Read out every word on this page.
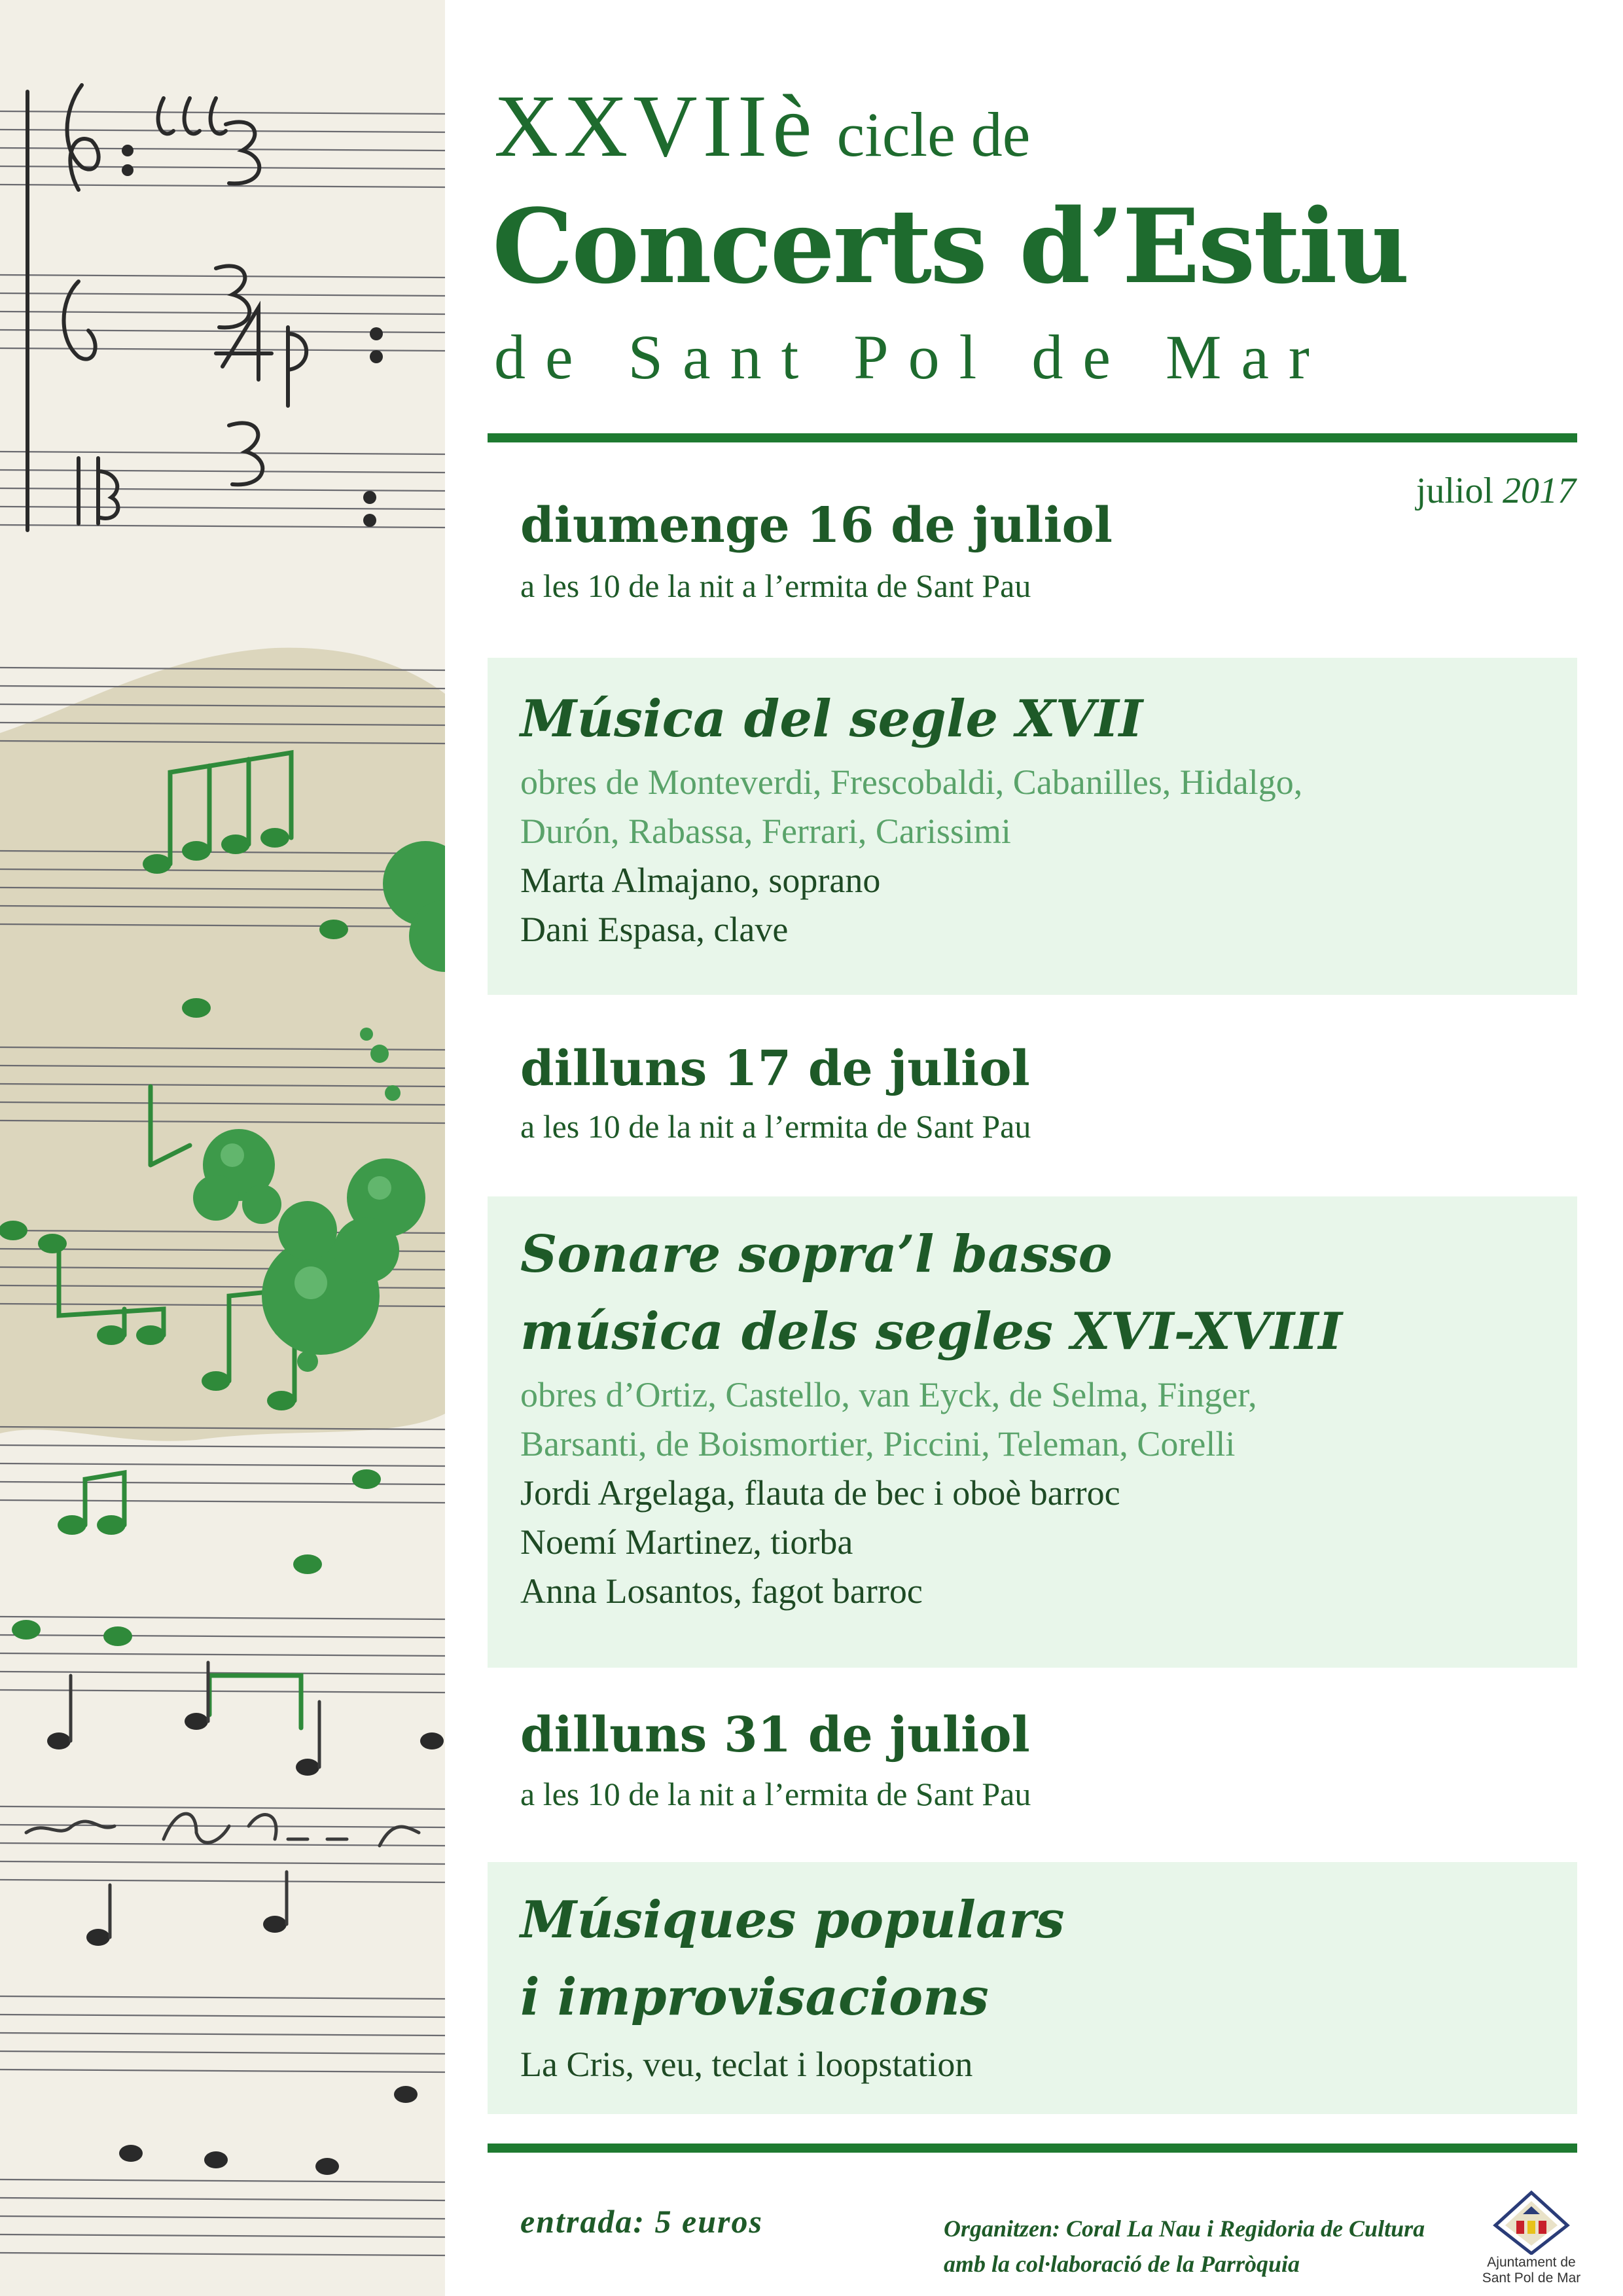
XXVIIè cicle de
Concerts d’Estiu
de Sant Pol de Mar
juliol 2017
diumenge 16 de juliol
a les 10 de la nit a l’ermita de Sant Pau
Música del segle XVII
obres de Monteverdi, Frescobaldi, Cabanilles, Hidalgo,
Durón, Rabassa, Ferrari, Carissimi
Marta Almajano, soprano
Dani Espasa, clave
dilluns 17 de juliol
a les 10 de la nit a l’ermita de Sant Pau
Sonare sopra’l basso
música dels segles XVI-XVIII
obres d’Ortiz, Castello, van Eyck, de Selma, Finger,
Barsanti, de Boismortier, Piccini, Teleman, Corelli
Jordi Argelaga, flauta de bec i oboè barroc
Noemí Martinez, tiorba
Anna Losantos, fagot barroc
dilluns 31 de juliol
a les 10 de la nit a l’ermita de Sant Pau
Músiques populars
i improvisacions
La Cris, veu, teclat i loopstation
entrada: 5 euros	Organitzen: Coral La Nau i Regidoria de Cultura
amb la col·laboració de la Parròquia	Ajuntament de
Sant Pol de Mar
